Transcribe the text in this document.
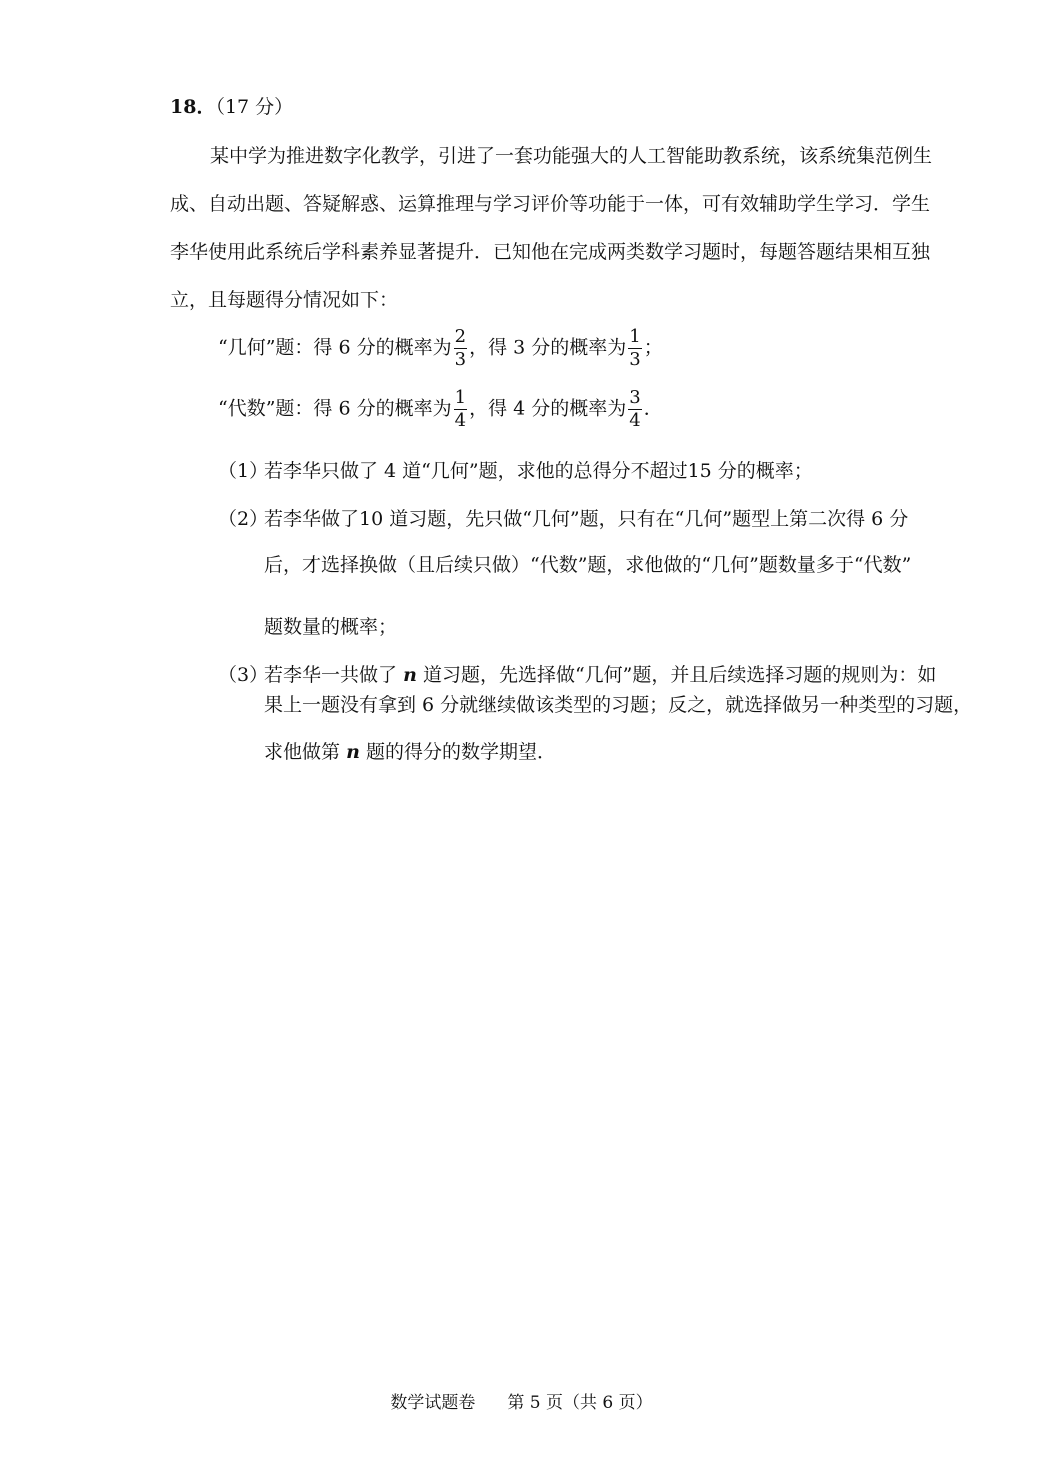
18．（17 分）

某中学为推进数字化教学，引进了一套功能强大的人工智能助教系统，该系统集范例生

成、自动出题、答疑解惑、运算推理与学习评价等功能于一体，可有效辅助学生学习．学生

李华使用此系统后学科素养显著提升．已知他在完成两类数学习题时，每题答题结果相互独

立，且每题得分情况如下：

“几何”题：得 6 分的概率为 $\frac{2}{3}$ ，得 3 分的概率为 $\frac{1}{3}$ ；
“代数”题：得 6 分的概率为 $\frac{1}{4}$ ，得 4 分的概率为 $\frac{3}{4}$ ．
（1）
若李华只做了 4 道“几何”题，求他的总得分不超过15 分的概率；
（2）
若李华做了10 道习题，先只做“几何”题，只有在“几何”题型上第二次得 6 分
后，才选择换做（且后续只做）“代数”题，求他做的“几何”题数量多于“代数”
题数量的概率；
（3）
若李华一共做了 n 道习题，先选择做“几何”题，并且后续选择习题的规则为：如
果上一题没有拿到 6 分就继续做该类型的习题；反之，就选择做另一种类型的习题，
求他做第 n 题的得分的数学期望．
数学试题卷 第 5 页（共 6 页）
